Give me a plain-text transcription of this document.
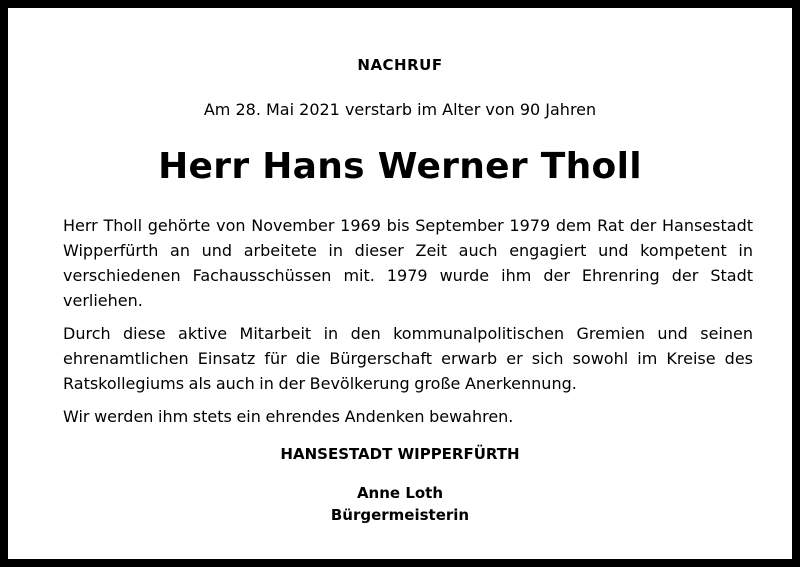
NACHRUF

Am 28. Mai 2021 verstarb im Alter von 90 Jahren

Herr Hans Werner Tholl

Herr Tholl gehörte von November 1969 bis September 1979 dem Rat der Hansestadt Wipperfürth an und arbeitete in dieser Zeit auch engagiert und kompetent in verschiedenen Fachausschüssen mit. 1979 wurde ihm der Ehrenring der Stadt verliehen.

Durch diese aktive Mitarbeit in den kommunalpolitischen Gremien und seinen ehrenamtlichen Einsatz für die Bürgerschaft erwarb er sich sowohl im Kreise des Ratskollegiums als auch in der Bevölkerung große Anerkennung.

Wir werden ihm stets ein ehrendes Andenken bewahren.

HANSESTADT WIPPERFÜRTH

Anne Loth

Bürgermeisterin
